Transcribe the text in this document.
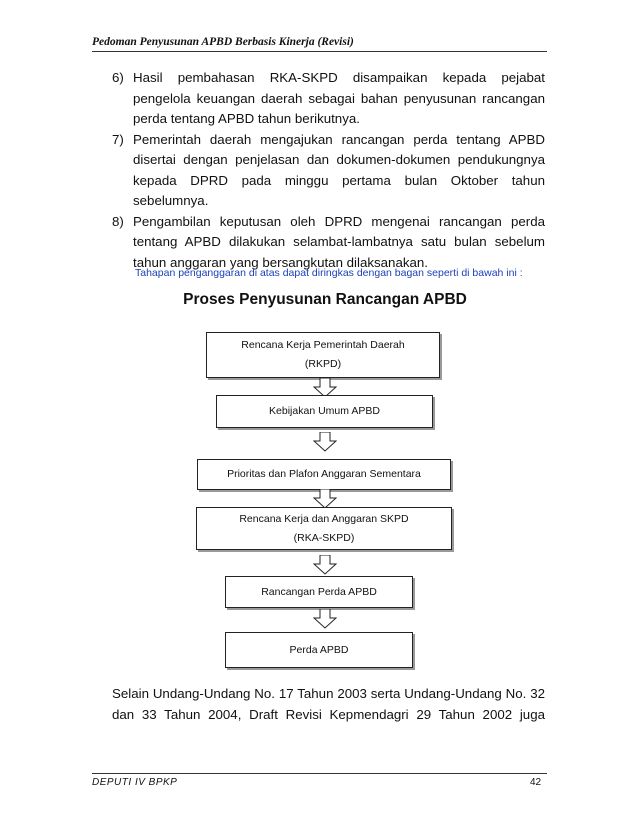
Pedoman Penyusunan APBD Berbasis Kinerja (Revisi)
6) Hasil pembahasan RKA-SKPD disampaikan kepada pejabat pengelola keuangan daerah sebagai bahan penyusunan rancangan perda tentang APBD tahun berikutnya.

7) Pemerintah daerah mengajukan rancangan perda tentang APBD disertai dengan penjelasan dan dokumen-dokumen pendukungnya kepada DPRD pada minggu pertama bulan Oktober tahun sebelumnya.

8) Pengambilan keputusan oleh DPRD mengenai rancangan perda tentang APBD dilakukan selambat-lambatnya satu bulan sebelum tahun anggaran yang bersangkutan dilaksanakan.

Tahapan penganggaran di atas dapat diringkas dengan bagan seperti di bawah ini :
Proses Penyusunan Rancangan APBD
Rencana Kerja Pemerintah Daerah
(RKPD)
Kebijakan Umum APBD
Prioritas dan Plafon Anggaran Sementara
Rencana Kerja dan Anggaran SKPD
(RKA-SKPD)
Rancangan Perda APBD
Perda APBD
Selain Undang-Undang No. 17 Tahun 2003 serta Undang-Undang No. 32
dan 33 Tahun 2004, Draft Revisi Kepmendagri 29 Tahun 2002 juga
DEPUTI IV BPKP	42
